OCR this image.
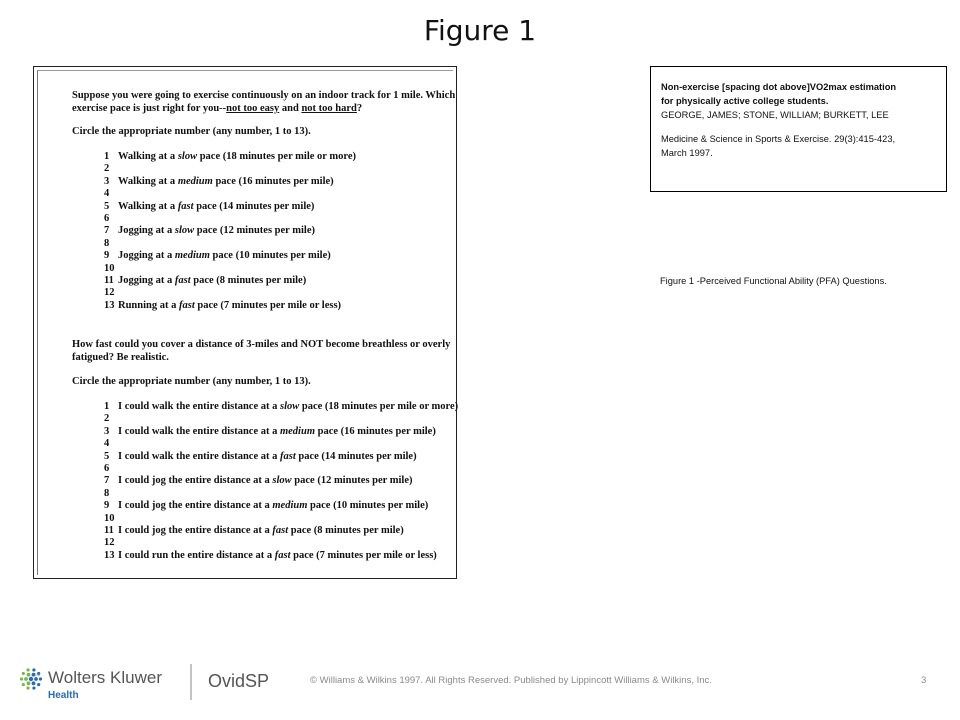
Figure 1
Suppose you were going to exercise continuously on an indoor track for 1 mile. Which
exercise pace is just right for you--not too easy and not too hard?
Circle the appropriate number (any number, 1 to 13).
1 Walking at a slow pace (18 minutes per mile or more)
2
3 Walking at a medium pace (16 minutes per mile)
4
5 Walking at a fast pace (14 minutes per mile)
6
7 Jogging at a slow pace (12 minutes per mile)
8
9 Jogging at a medium pace (10 minutes per mile)
10
11 Jogging at a fast pace (8 minutes per mile)
12
13 Running at a fast pace (7 minutes per mile or less)
How fast could you cover a distance of 3-miles and NOT become breathless or overly
fatigued? Be realistic.
Circle the appropriate number (any number, 1 to 13).
1 I could walk the entire distance at a slow pace (18 minutes per mile or more)
2
3 I could walk the entire distance at a medium pace (16 minutes per mile)
4
5 I could walk the entire distance at a fast pace (14 minutes per mile)
6
7 I could jog the entire distance at a slow pace (12 minutes per mile)
8
9 I could jog the entire distance at a medium pace (10 minutes per mile)
10
11 I could jog the entire distance at a fast pace (8 minutes per mile)
12
13 I could run the entire distance at a fast pace (7 minutes per mile or less)
Non-exercise [spacing dot above]VO2max estimation
for physically active college students.
GEORGE, JAMES; STONE, WILLIAM; BURKETT, LEE
Medicine & Science in Sports & Exercise. 29(3):415-423,
March 1997.
Figure 1 -Perceived Functional Ability (PFA) Questions.
Wolters Kluwer
Health
TM	OvidSP	© Williams & Wilkins 1997. All Rights Reserved. Published by Lippincott Williams & Wilkins, Inc.	3
